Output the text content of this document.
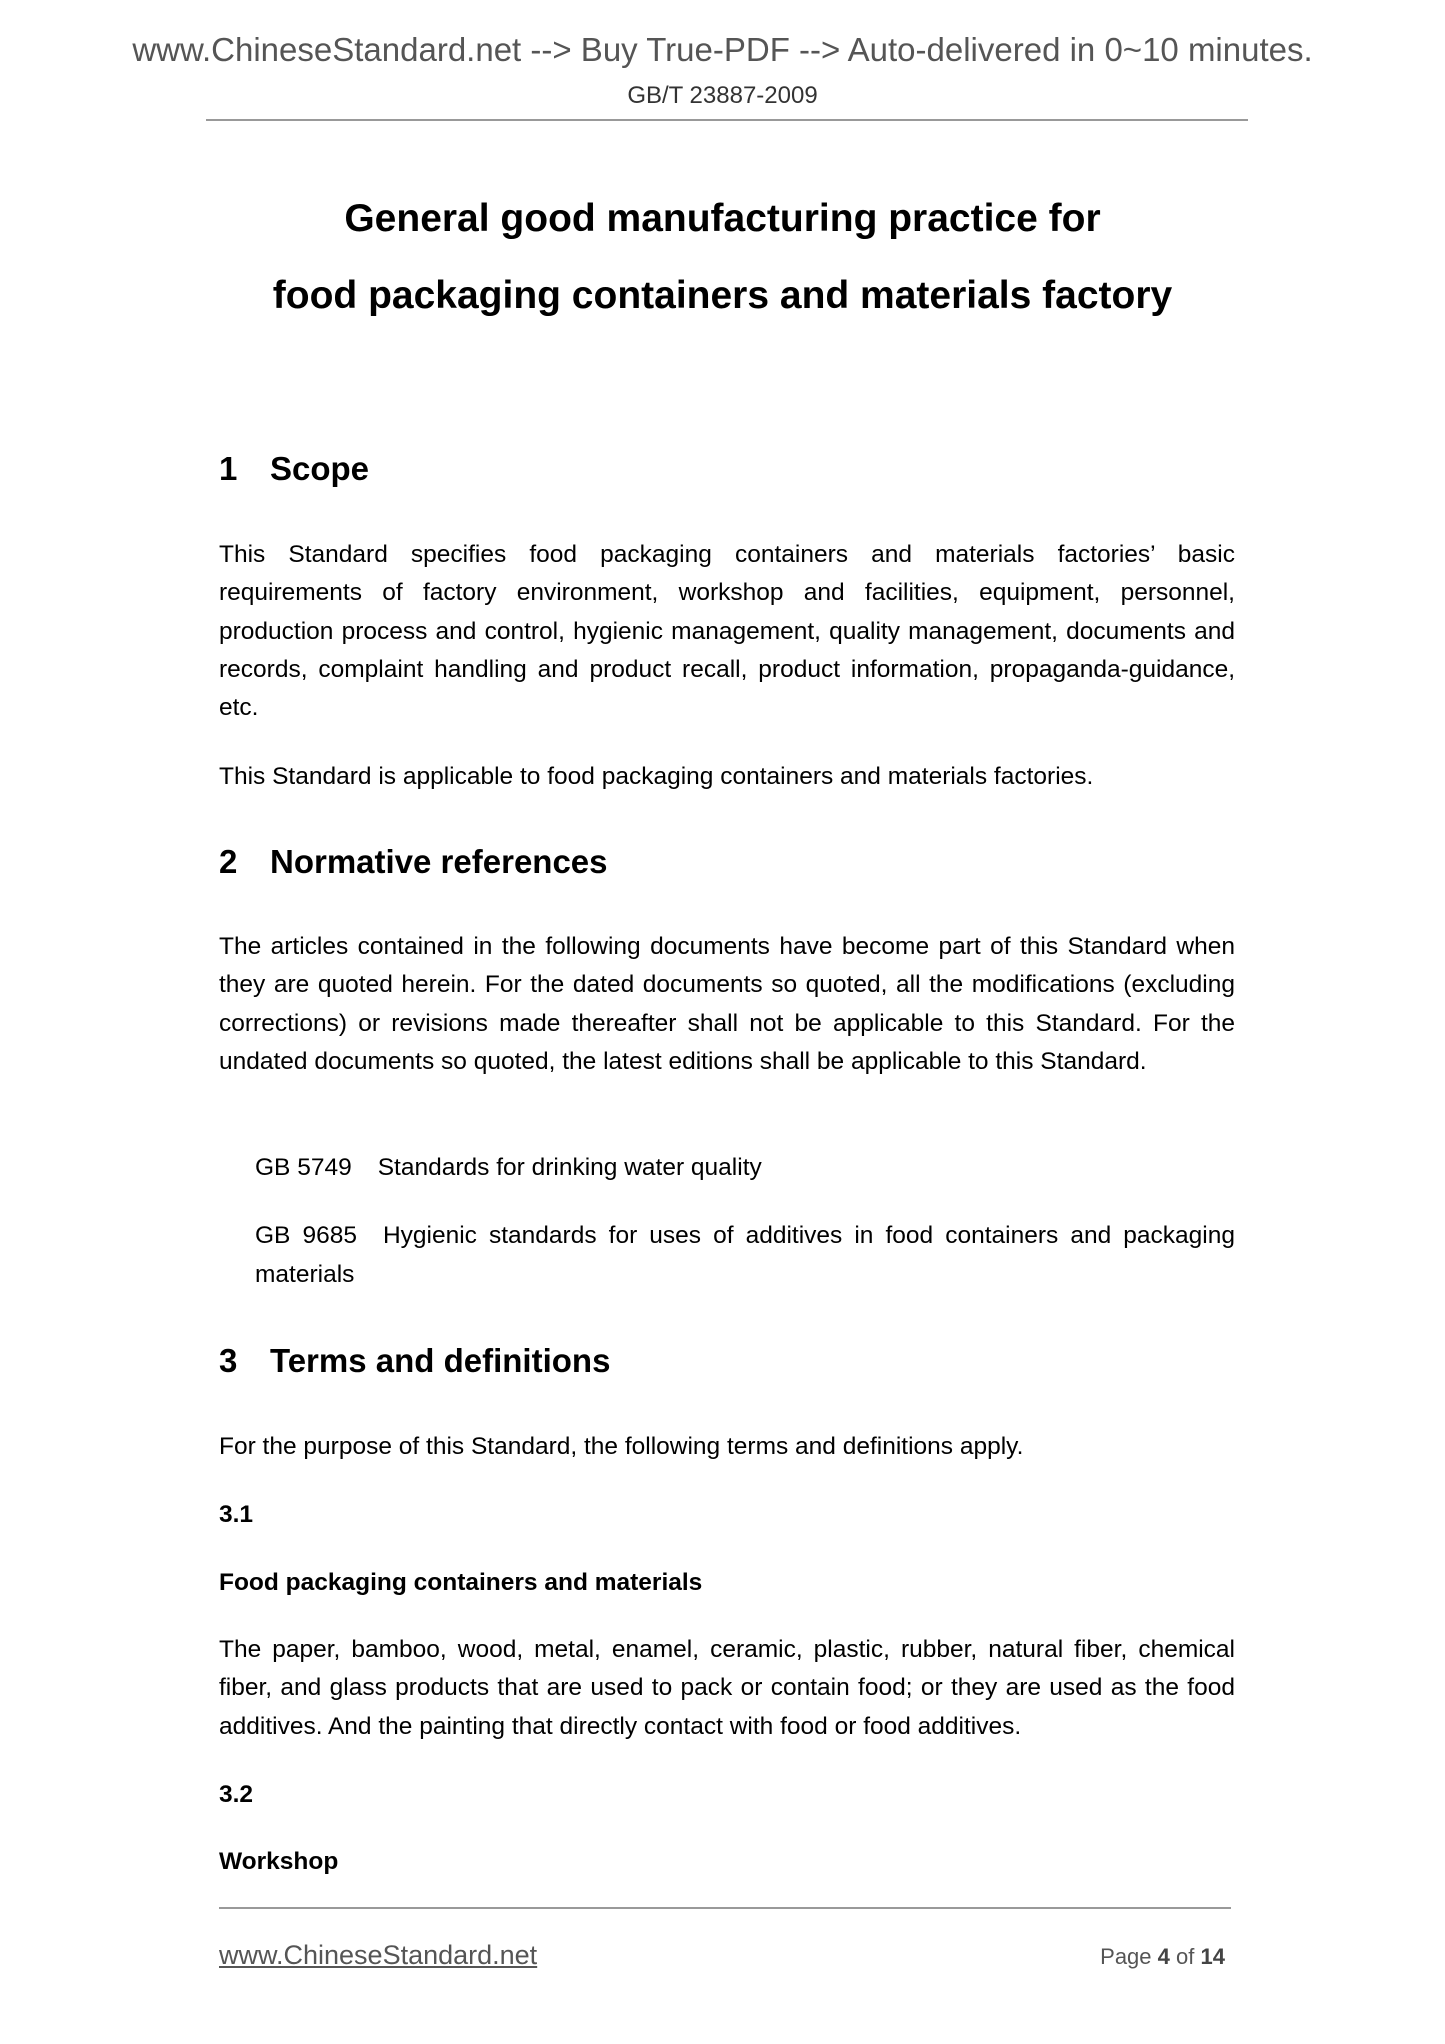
www.ChineseStandard.net --> Buy True-PDF --> Auto-delivered in 0~10 minutes.
GB/T 23887-2009
General good manufacturing practice for
food packaging containers and materials factory
1 Scope
This Standard specifies food packaging containers and materials factories’ basic requirements of factory environment, workshop and facilities, equipment, personnel, production process and control, hygienic management, quality management, documents and records, complaint handling and product recall, product information, propaganda-guidance, etc.
This Standard is applicable to food packaging containers and materials factories.
2 Normative references
The articles contained in the following documents have become part of this Standard when they are quoted herein. For the dated documents so quoted, all the modifications (excluding corrections) or revisions made thereafter shall not be applicable to this Standard. For the undated documents so quoted, the latest editions shall be applicable to this Standard.
GB 5749 Standards for drinking water quality
GB 9685 Hygienic standards for uses of additives in food containers and packaging materials
3 Terms and definitions
For the purpose of this Standard, the following terms and definitions apply.
3.1
Food packaging containers and materials
The paper, bamboo, wood, metal, enamel, ceramic, plastic, rubber, natural fiber, chemical fiber, and glass products that are used to pack or contain food; or they are used as the food additives. And the painting that directly contact with food or food additives.
3.2
Workshop
www.ChineseStandard.net	Page 4 of 14
